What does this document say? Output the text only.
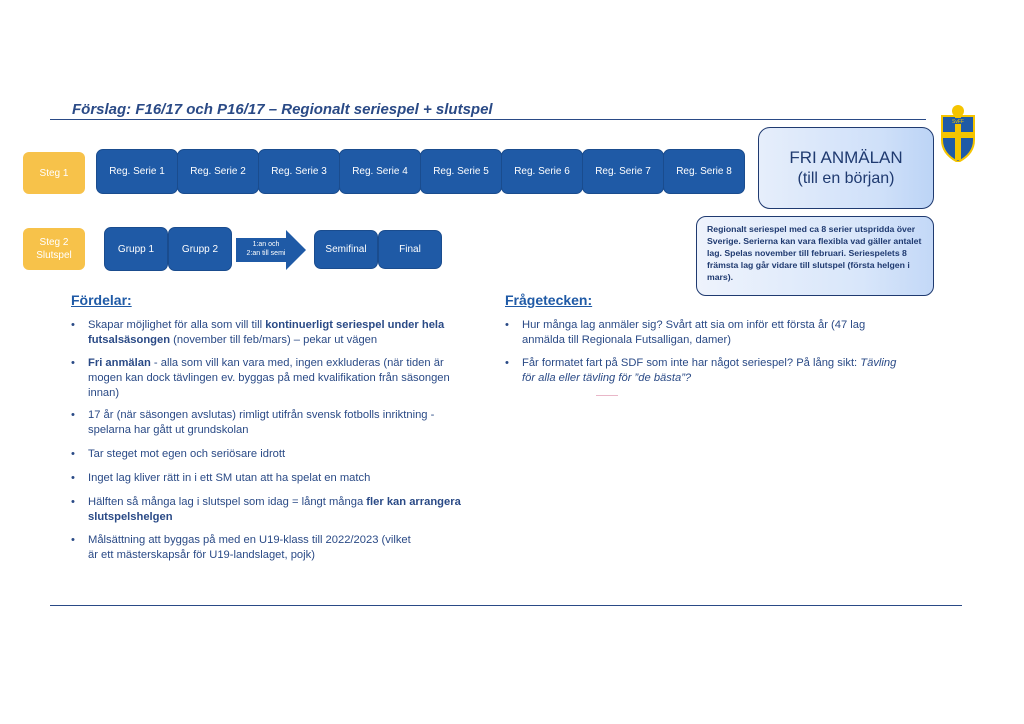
Förslag: F16/17 och P16/17 – Regionalt seriespel + slutspel
SvFF
Steg 1	Reg. Serie 1	Reg. Serie 2	Reg. Serie 3	Reg. Serie 4	Reg. Serie 5	Reg. Serie 6	Reg. Serie 7	Reg. Serie 8
FRI ANMÄLAN
(till en början)
Steg 2
Slutspel
Grupp 1	Grupp 2	1:an och
2:an till semi	Semifinal	Final
Regionalt seriespel med ca 8 serier utspridda över Sverige. Serierna kan vara flexibla vad gäller antalet lag. Spelas november till februari. Seriespelets 8 främsta lag går vidare till slutspel (första helgen i mars).
Fördelar:
• Skapar möjlighet för alla som vill till kontinuerligt seriespel under hela futsalsäsongen (november till feb/mars) – pekar ut vägen
• Fri anmälan - alla som vill kan vara med, ingen exkluderas (när tiden är mogen kan dock tävlingen ev. byggas på med kvalifikation från säsongen innan)
• 17 år (när säsongen avslutas) rimligt utifrån svensk fotbolls inriktning - spelarna har gått ut grundskolan
• Tar steget mot egen och seriösare idrott
• Inget lag kliver rätt in i ett SM utan att ha spelat en match
• Hälften så många lag i slutspel som idag = långt många fler kan arrangera slutspelshelgen
• Målsättning att byggas på med en U19-klass till 2022/2023 (vilket är ett mästerskapsår för U19-landslaget, pojk)
Frågetecken:
• Hur många lag anmäler sig? Svårt att sia om inför ett första år (47 lag anmälda till Regionala Futsalligan, damer)
• Får formatet fart på SDF som inte har något seriespel? På lång sikt: Tävling för alla eller tävling för ”de bästa”?
